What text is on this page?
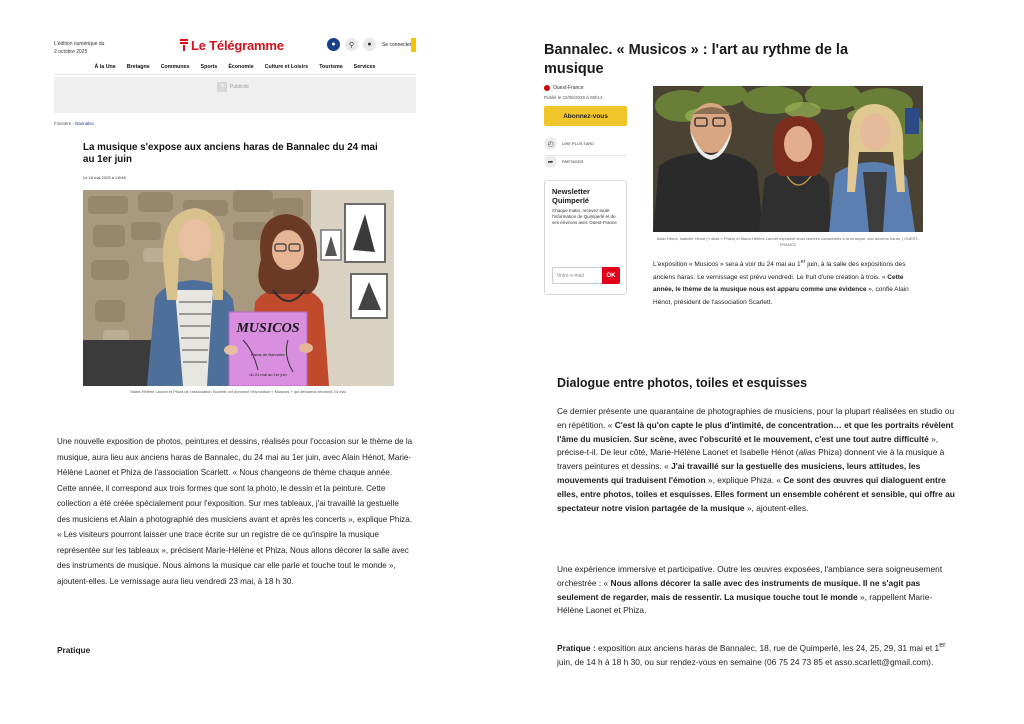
L'édition numérique du
2 octobre 2025	Le Télégramme	●	⚲	●	Se connecter
À la Une Bretagne Communes Sports Économie Culture et Loisirs Tourisme Services
?	Publicité
Finistère › Bannalec
La musique s'expose aux anciens haras de Bannalec du 24 mai au 1er juin
Le 18 mai 2025 à 11h45
MUSICOS
Haras de Bannalec
du 24 mai au 1er juin
Marie-Hélène Laonet et Phiza de l'association Scarlett ont annoncé l'exposition « Musicos » qui débutera vendredi 23 mai.

Une nouvelle exposition de photos, peintures et dessins, réalisés pour l'occasion sur le thème de la musique, aura lieu aux anciens haras de Bannalec, du 24 mai au 1er juin, avec Alain Hénot, Marie-Hélène Laonet et Phiza de l'association Scarlett. « Nous changeons de thème chaque année. Cette année, il correspond aux trois formes que sont la photo, le dessin et la peinture. Cette collection a été créée spécialement pour l'exposition. Sur mes tableaux, j'ai travaillé la gestuelle des musiciens et Alain a photographié des musiciens avant et après les concerts », explique Phiza. « Les visiteurs pourront laisser une trace écrite sur un registre de ce qu'inspire la musique représentée sur les tableaux », précisent Marie-Hélène et Phiza. Nous allons décorer la salle avec des instruments de musique. Nous aimons la musique car elle parle et touche tout le monde », ajoutent-elles. Le vernissage aura lieu vendredi 23 mai, à 18 h 30.

Pratique
Bannalec. « Musicos » : l'art au rythme de la musique
Ouest-France
Publié le 22/05/2025 à 05h14
Abonnez-vous
◴	LIRE PLUS TARD
➦	PARTAGER
Newsletter Quimperlé
Chaque matin, recevez toute l'information de Quimperlé et de ses environs avec Ouest-France
Votre e-mail	OK
Alain Hénot, Isabelle Hénot (« alias » Phiza) et Marie-Hélène Laonet exposent leurs œuvres consacrées à la musique, aux anciens haras. | OUEST-FRANCE

L'exposition « Musicos » sera à voir du 24 mai au 1er juin, à la salle des expositions des anciens haras. Le vernissage est prévu vendredi. Le fruit d'une création à trois. « Cette année, le thème de la musique nous est apparu comme une évidence », confie Alain Hénot, président de l'association Scarlett.

Dialogue entre photos, toiles et esquisses

Ce dernier présente une quarantaine de photographies de musiciens, pour la plupart réalisées en studio ou en répétition. « C'est là qu'on capte le plus d'intimité, de concentration… et que les portraits révèlent l'âme du musicien. Sur scène, avec l'obscurité et le mouvement, c'est une tout autre difficulté », précise-t-il. De leur côté, Marie-Hélène Laonet et Isabelle Hénot (alias Phiza) donnent vie à la musique à travers peintures et dessins. « J'ai travaillé sur la gestuelle des musiciens, leurs attitudes, les mouvements qui traduisent l'émotion », explique Phiza. « Ce sont des œuvres qui dialoguent entre elles, entre photos, toiles et esquisses. Elles forment un ensemble cohérent et sensible, qui offre au spectateur notre vision partagée de la musique », ajoutent-elles.

Une expérience immersive et participative. Outre les œuvres exposées, l'ambiance sera soigneusement orchestrée : « Nous allons décorer la salle avec des instruments de musique. Il ne s'agit pas seulement de regarder, mais de ressentir. La musique touche tout le monde », rappellent Marie-Hélène Laonet et Phiza.

Pratique : exposition aux anciens haras de Bannalec, 18, rue de Quimperlé, les 24, 25, 29, 31 mai et 1er juin, de 14 h à 18 h 30, ou sur rendez-vous en semaine (06 75 24 73 85 et asso.scarlett@gmail.com).
